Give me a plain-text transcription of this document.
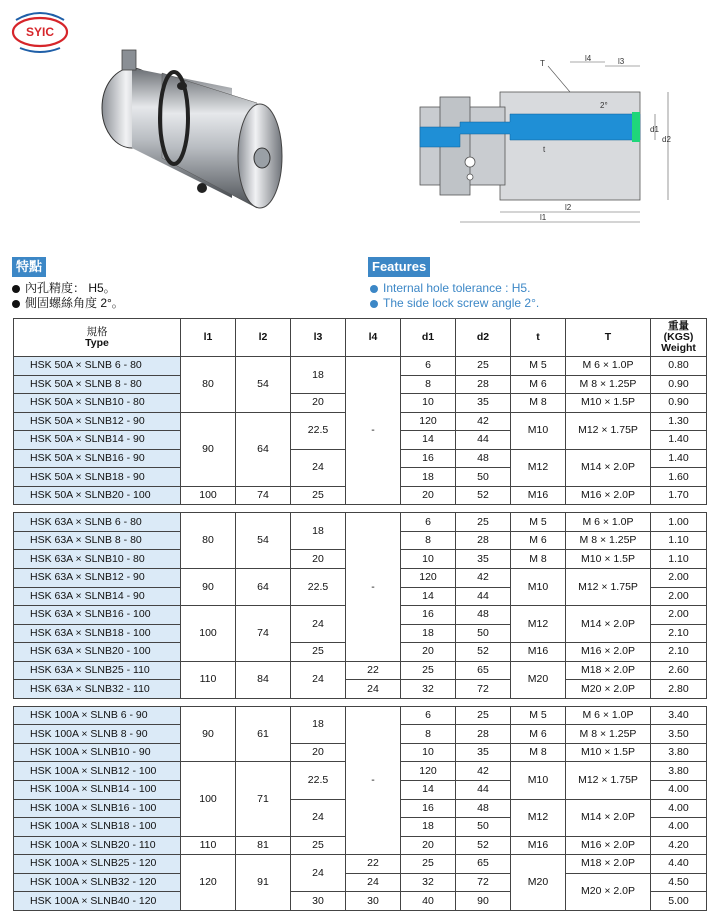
SYIC
T
l4	l3
2°
d1
d2
t
l2
l1
特點
內孔精度： H5。
側固螺絲角度 2°。
Features
Internal hole tolerance : H5.
The side lock screw angle 2°.
規格
Type	l1	l2	l3	l4	d1	d2	t	T	重量
(KGS)
Weight

HSK 50A × SLNB 6 - 80	80	54	18	-	6	25	M 5	M 6 × 1.0P	0.80
HSK 50A × SLNB 8 - 80					8	28	M 6	M 8 × 1.25P	0.90
HSK 50A × SLNB10 - 80			20		10	35	M 8	M10 × 1.5P	0.90
HSK 50A × SLNB12 - 90	90	64	22.5		120	42	M10	M12 × 1.75P	1.30
HSK 50A × SLNB14 - 90					14	44			1.40
HSK 50A × SLNB16 - 90			24		16	48	M12	M14 × 2.0P	1.40
HSK 50A × SLNB18 - 90					18	50			1.60
HSK 50A × SLNB20 - 100	100	74	25		20	52	M16	M16 × 2.0P	1.70

HSK 63A × SLNB 6 - 80	80	54	18	-	6	25	M 5	M 6 × 1.0P	1.00
HSK 63A × SLNB 8 - 80					8	28	M 6	M 8 × 1.25P	1.10
HSK 63A × SLNB10 - 80			20		10	35	M 8	M10 × 1.5P	1.10
HSK 63A × SLNB12 - 90	90	64	22.5		120	42	M10	M12 × 1.75P	2.00
HSK 63A × SLNB14 - 90					14	44			2.00
HSK 63A × SLNB16 - 100	100	74	24		16	48	M12	M14 × 2.0P	2.00
HSK 63A × SLNB18 - 100					18	50			2.10
HSK 63A × SLNB20 - 100			25		20	52	M16	M16 × 2.0P	2.10
HSK 63A × SLNB25 - 110	110	84	24	22	25	65	M20	M18 × 2.0P	2.60
HSK 63A × SLNB32 - 110				24	32	72		M20 × 2.0P	2.80

HSK 100A × SLNB 6 - 90	90	61	18	-	6	25	M 5	M 6 × 1.0P	3.40
HSK 100A × SLNB 8 - 90					8	28	M 6	M 8 × 1.25P	3.50
HSK 100A × SLNB10 - 90			20		10	35	M 8	M10 × 1.5P	3.80
HSK 100A × SLNB12 - 100	100	71	22.5		120	42	M10	M12 × 1.75P	3.80
HSK 100A × SLNB14 - 100					14	44			4.00
HSK 100A × SLNB16 - 100			24		16	48	M12	M14 × 2.0P	4.00
HSK 100A × SLNB18 - 100					18	50			4.00
HSK 100A × SLNB20 - 110	110	81	25		20	52	M16	M16 × 2.0P	4.20
HSK 100A × SLNB25 - 120	120	91	24	22	25	65	M20	M18 × 2.0P	4.40
HSK 100A × SLNB32 - 120				24	32	72		M20 × 2.0P	4.50
HSK 100A × SLNB40 - 120			30	30	40	90			5.00
